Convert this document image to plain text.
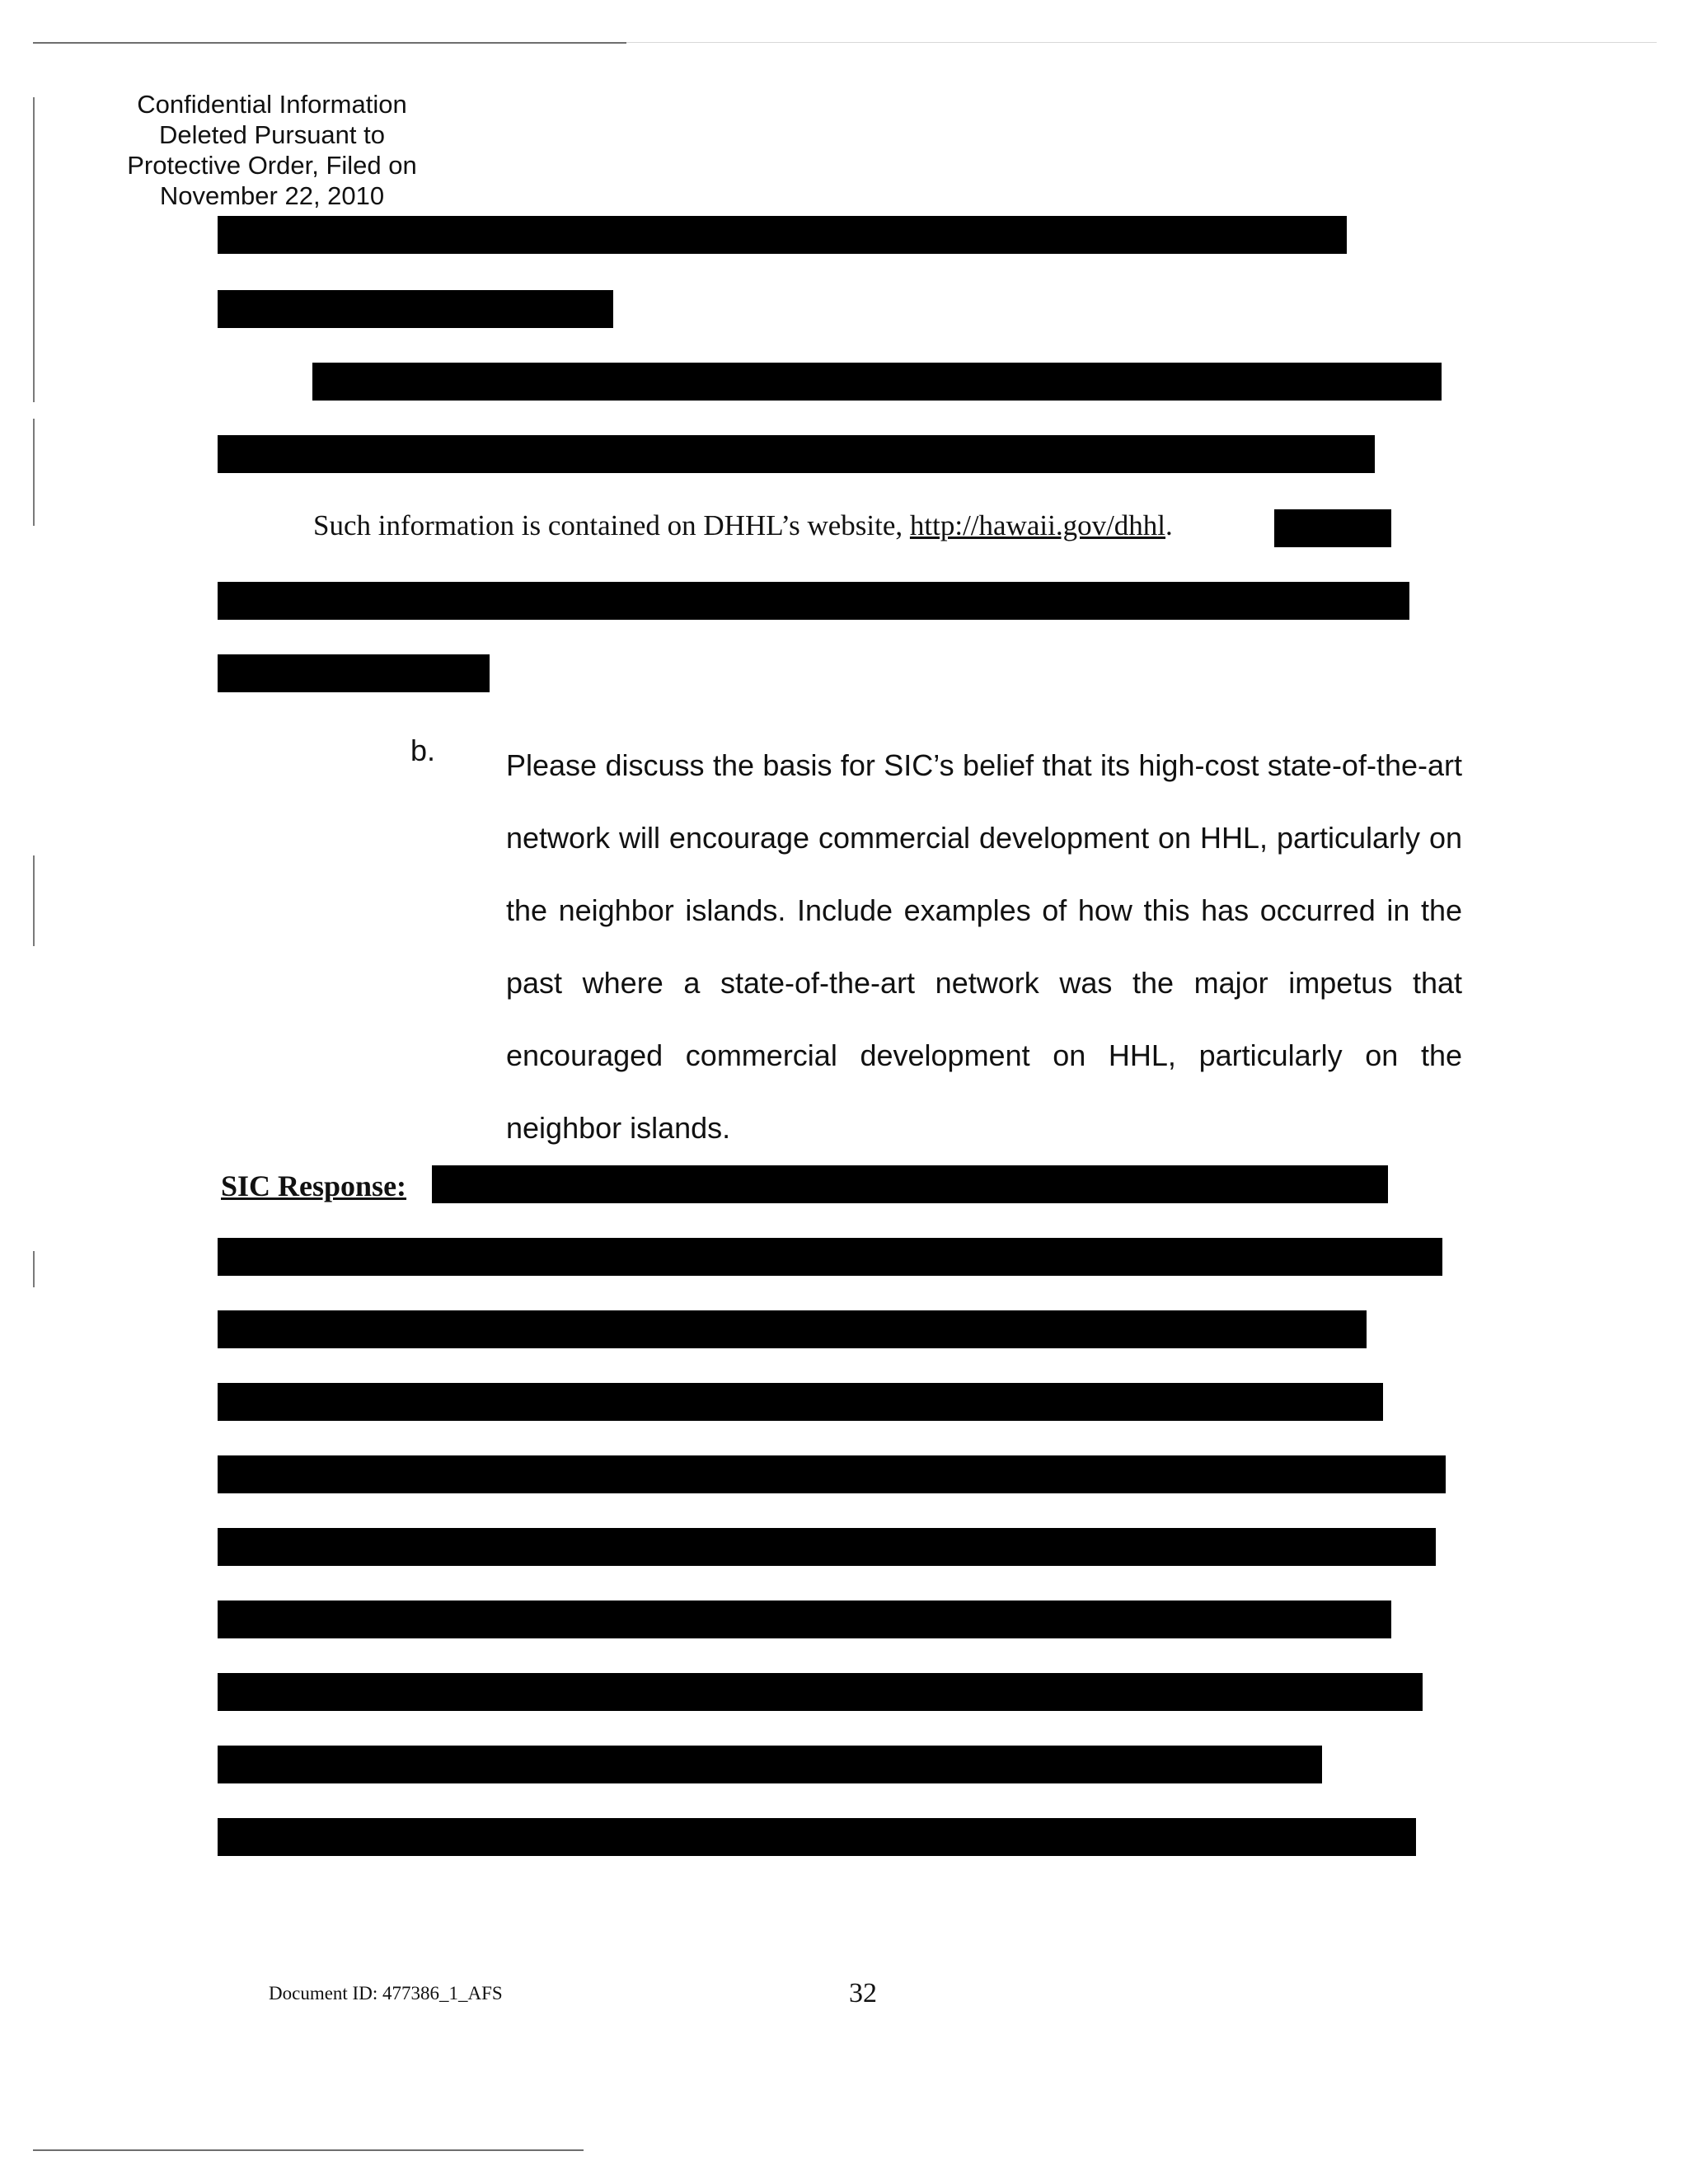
Confidential Information
Deleted Pursuant to
Protective Order, Filed on
November 22, 2010
Such information is contained on DHHL’s website, http://hawaii.gov/dhhl.
b. Please discuss the basis for SIC’s belief that its high-cost state-of-the-art network will encourage commercial development on HHL, particularly on the neighbor islands. Include examples of how this has occurred in the past where a state-of-the-art network was the major impetus that encouraged commercial development on HHL, particularly on the neighbor islands.
SIC Response:
Document ID: 477386_1_AFS	32
